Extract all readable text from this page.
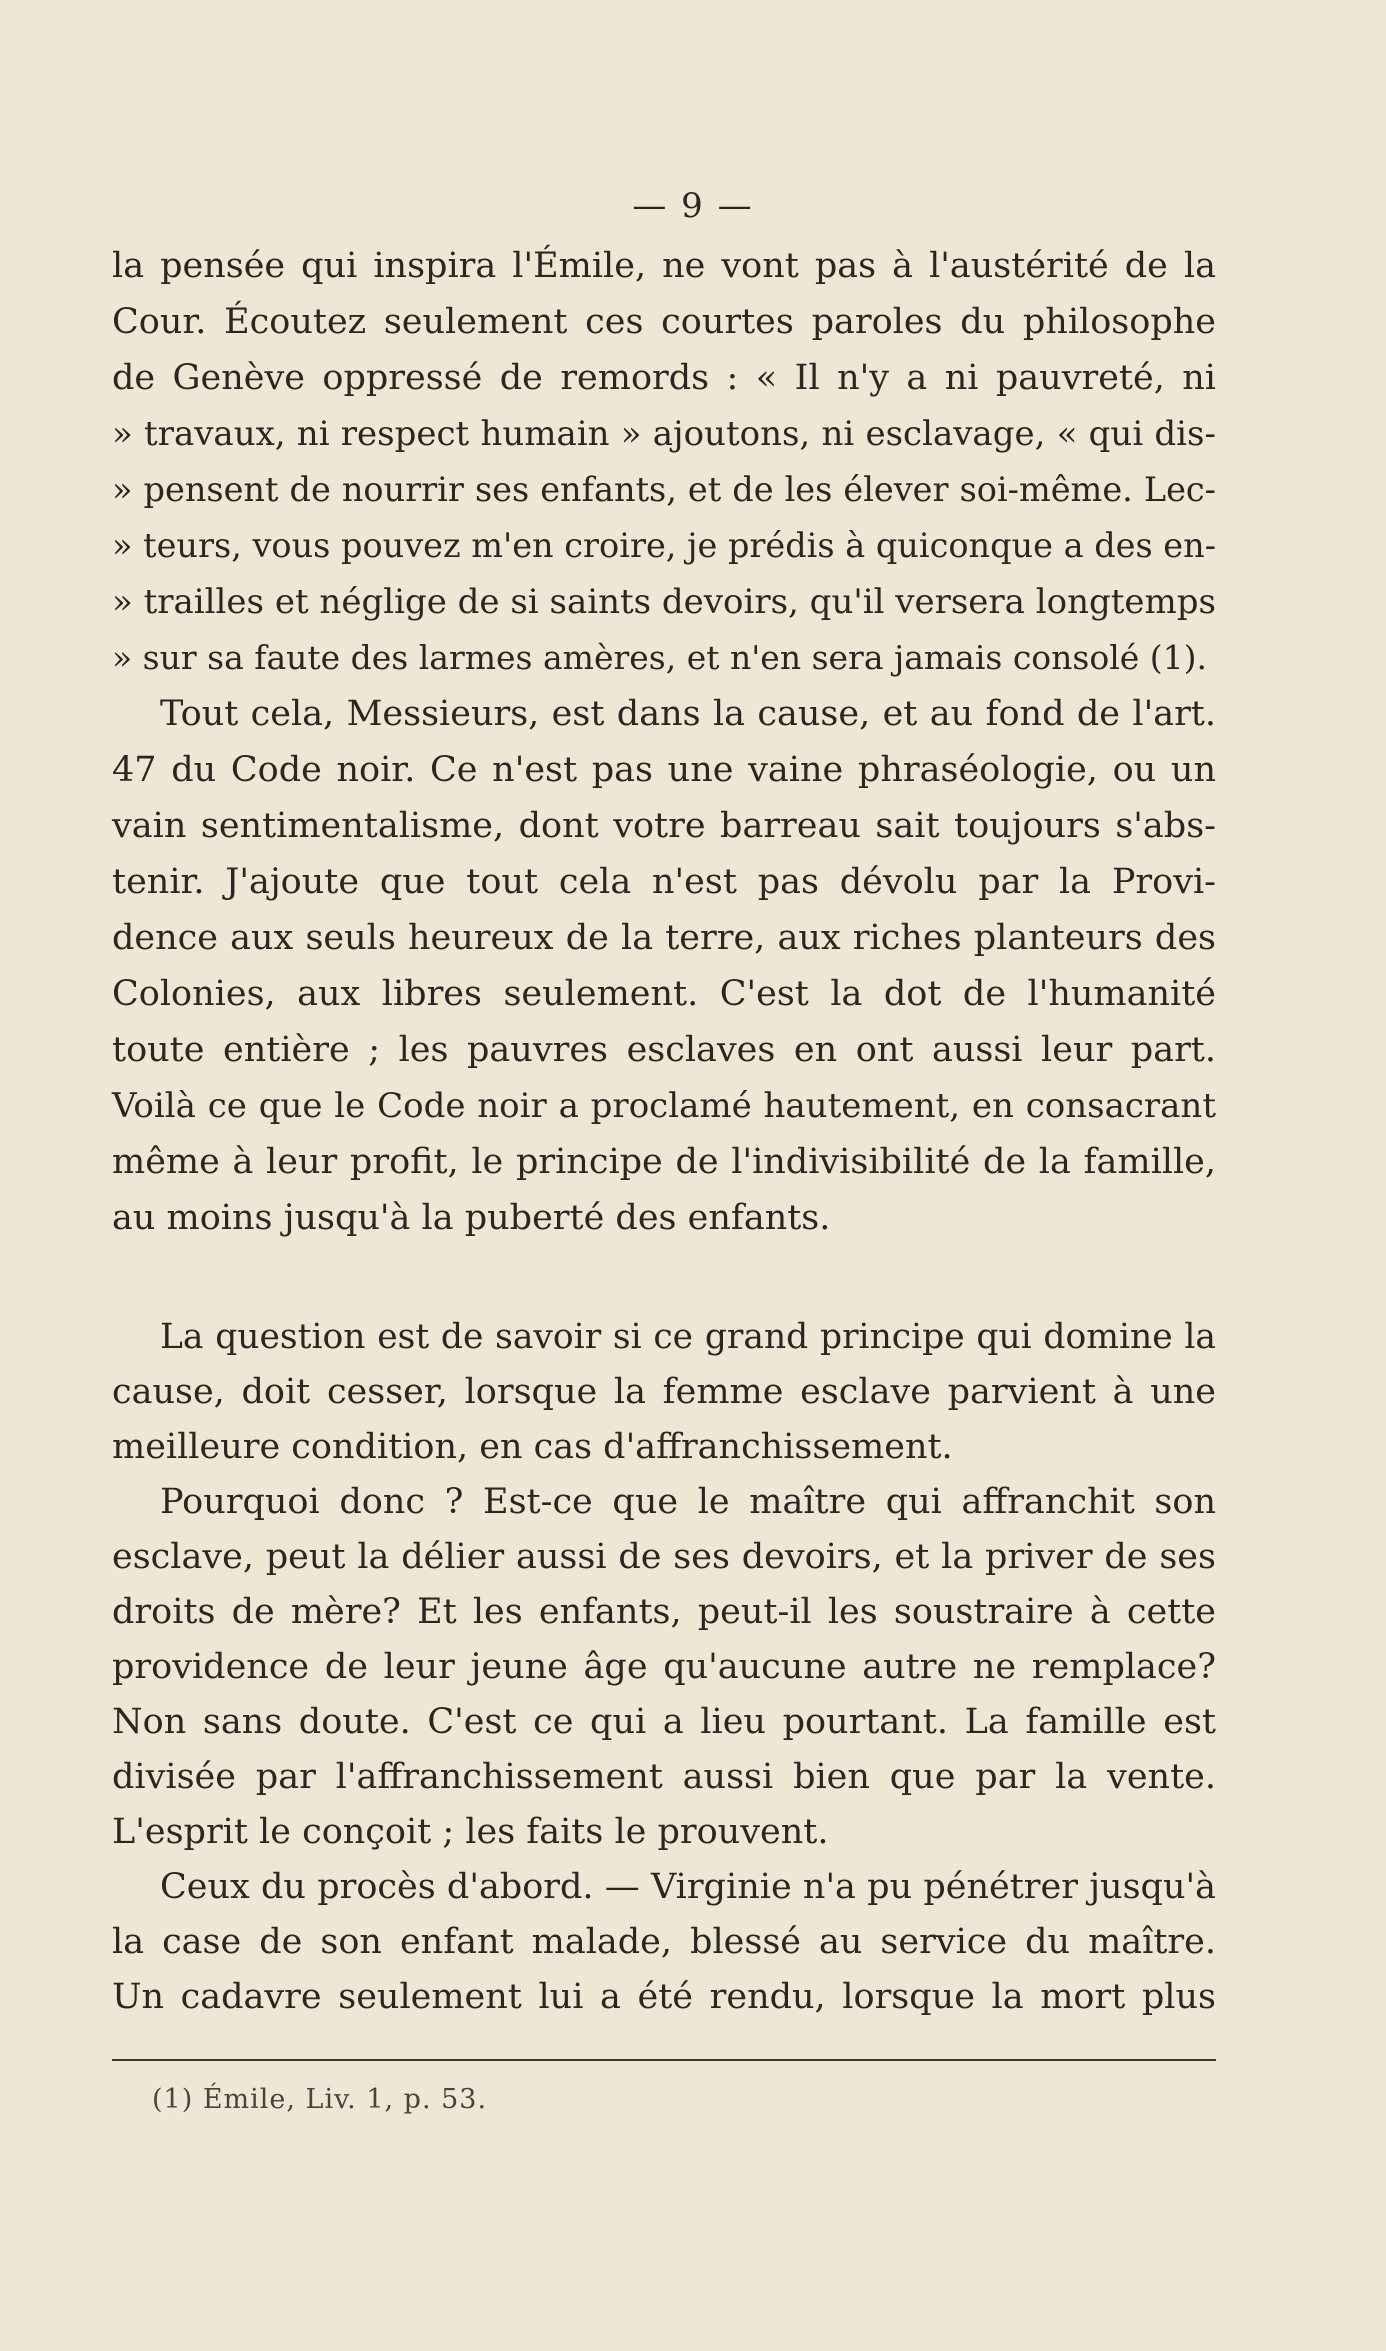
— 9 —

la pensée qui inspira l'Émile, ne vont pas à l'austérité de la
Cour. Écoutez seulement ces courtes paroles du philosophe
de Genève oppressé de remords : « Il n'y a ni pauvreté, ni
» travaux, ni respect humain » ajoutons, ni esclavage, « qui dis-
» pensent de nourrir ses enfants, et de les élever soi-même. Lec-
» teurs, vous pouvez m'en croire, je prédis à quiconque a des en-
» trailles et néglige de si saints devoirs, qu'il versera longtemps
» sur sa faute des larmes amères, et n'en sera jamais consolé (1).

Tout cela, Messieurs, est dans la cause, et au fond de l'art.
47 du Code noir. Ce n'est pas une vaine phraséologie, ou un
vain sentimentalisme, dont votre barreau sait toujours s'abs-
tenir. J'ajoute que tout cela n'est pas dévolu par la Provi-
dence aux seuls heureux de la terre, aux riches planteurs des
Colonies, aux libres seulement. C'est la dot de l'humanité
toute entière ; les pauvres esclaves en ont aussi leur part.
Voilà ce que le Code noir a proclamé hautement, en consacrant
même à leur profit, le principe de l'indivisibilité de la famille,
au moins jusqu'à la puberté des enfants.

La question est de savoir si ce grand principe qui domine la
cause, doit cesser, lorsque la femme esclave parvient à une
meilleure condition, en cas d'affranchissement.

Pourquoi donc ? Est-ce que le maître qui affranchit son
esclave, peut la délier aussi de ses devoirs, et la priver de ses
droits de mère? Et les enfants, peut-il les soustraire à cette
providence de leur jeune âge qu'aucune autre ne remplace?
Non sans doute. C'est ce qui a lieu pourtant. La famille est
divisée par l'affranchissement aussi bien que par la vente.
L'esprit le conçoit ; les faits le prouvent.

Ceux du procès d'abord. — Virginie n'a pu pénétrer jusqu'à
la case de son enfant malade, blessé au service du maître.
Un cadavre seulement lui a été rendu, lorsque la mort plus

(1) Émile, Liv. 1, p. 53.
